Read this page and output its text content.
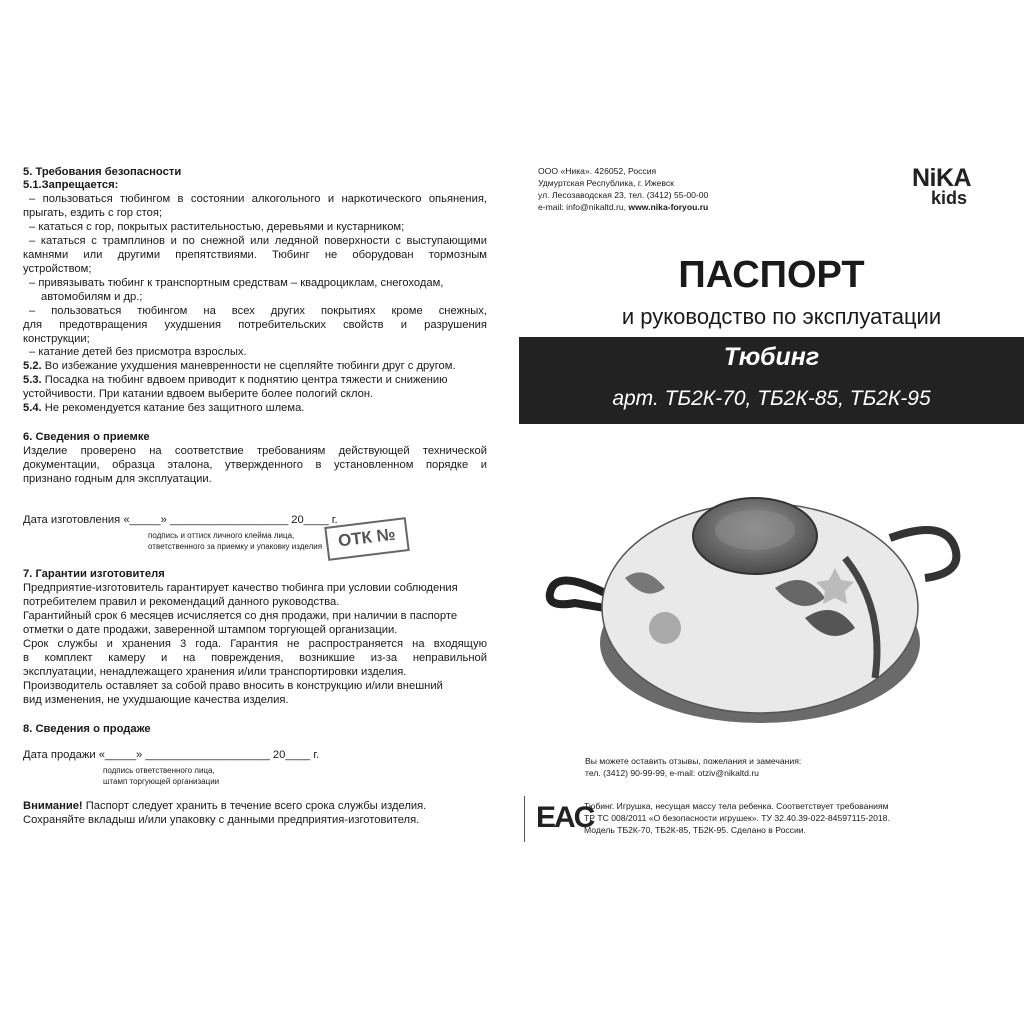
5. Требования безопасности

5.1.Запрещается:

– пользоваться тюбингом в состоянии алкогольного и наркотического опьянения,

прыгать, ездить с гор стоя;

– кататься с гор, покрытых растительностью, деревьями и кустарником;

– кататься с трамплинов и по снежной или ледяной поверхности с выступающими

камнями или другими препятствиями. Тюбинг не оборудован тормозным

устройством;

– привязывать тюбинг к транспортным средствам – квадроциклам, снегоходам,

автомобилям и др.;

– пользоваться тюбингом на всех других покрытиях кроме снежных,

для предотвращения ухудшения потребительских свойств и разрушения

конструкции;

– катание детей без присмотра взрослых.

5.2. Во избежание ухудшения маневренности не сцепляйте тюбинги друг с другом.

5.3. Посадка на тюбинг вдвоем приводит к поднятию центра тяжести и снижению

устойчивости. При катании вдвоем выберите более пологий склон.

5.4. Не рекомендуется катание без защитного шлема.

6. Сведения о приемке

Изделие проверено на соответствие требованиям действующей технической

документации, образца эталона, утвержденного в установленном порядке и

признано годным для эксплуатации.

Дата изготовления «_____» ___________________ 20____ г.

подпись и оттиск личного клейма лица,

ответственного за приемку и упаковку изделия ОТК №

7. Гарантии изготовителя

Предприятие-изготовитель гарантирует качество тюбинга при условии соблюдения

потребителем правил и рекомендаций данного руководства.

Гарантийный срок 6 месяцев исчисляется со дня продажи, при наличии в паспорте

отметки о дате продажи, заверенной штампом торгующей организации.

Срок службы и хранения 3 года. Гарантия не распространяется на входящую

в комплект камеру и на повреждения, возникшие из-за неправильной

эксплуатации, ненадлежащего хранения и/или транспортировки изделия.

Производитель оставляет за собой право вносить в конструкцию и/или внешний

вид изменения, не ухудшающие качества изделия.

8. Сведения о продаже

Дата продажи «_____» ____________________ 20____ г.

подпись ответственного лица,

штамп торгующей организации

Внимание! Паспорт следует хранить в течение всего срока службы изделия.

Сохраняйте вкладыш и/или упаковку с данными предприятия-изготовителя.

ООО «Ника». 426052, Россия

Удмуртская Республика, г. Ижевск

ул. Лесозаводская 23, тел. (3412) 55-00-00

e-mail: info@nikaltd.ru, www.nika-foryou.ru

NiKA
kids
ПАСПОРТ
и руководство по эксплуатации
Тюбинг
арт. ТБ2К-70, ТБ2К-85, ТБ2К-95

Вы можете оставить отзывы, пожелания и замечания:

тел. (3412) 90-99-99, e-mail: otziv@nikaltd.ru

EAC

Тюбинг. Игрушка, несущая массу тела ребенка. Соответствует требованиям

ТР ТС 008/2011 «О безопасности игрушек». ТУ 32.40.39-022-84597115-2018.

Модель ТБ2К-70, ТБ2К-85, ТБ2К-95. Сделано в России.
